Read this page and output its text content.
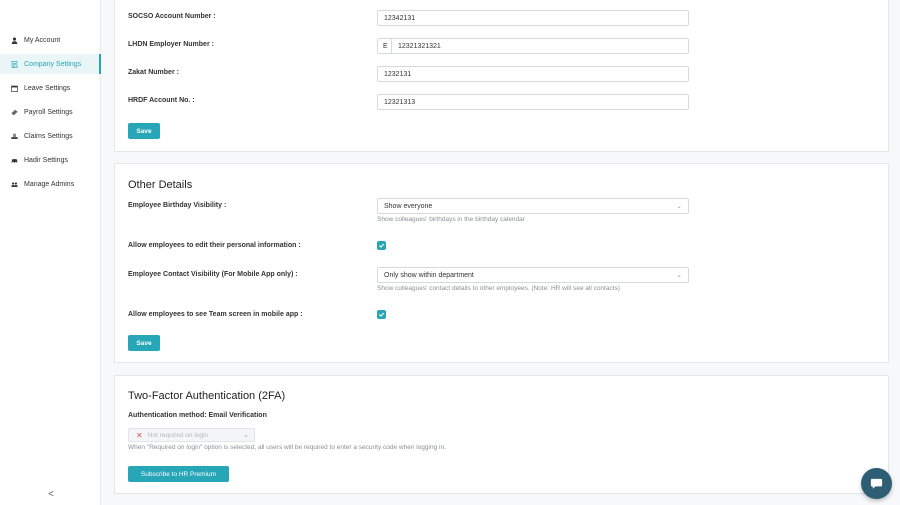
My Account
Company Settings
Leave Settings
Payroll Settings
Claims Settings
Hadir Settings
Manage Admins
<
SOCSO Account Number :	12342131
LHDN Employer Number :	E	12321321321
Zakat Number :	1232131
HRDF Account No. :	12321313
Save
Other Details
Employee Birthday Visibility :	Show everyone	⌄
Show colleagues' birthdays in the birthday calendar
Allow employees to edit their personal information :
Employee Contact Visibility (For Mobile App only) :	Only show within department	⌄
Show colleagues' contact details to other employees. (Note: HR will see all contacts)
Allow employees to see Team screen in mobile app :
Save
Two-Factor Authentication (2FA)
Authentication method: Email Verification
✕ Not required on login	⌄
When "Required on login" option is selected, all users will be required to enter a security code when logging in.
Subscribe to HR Premium
